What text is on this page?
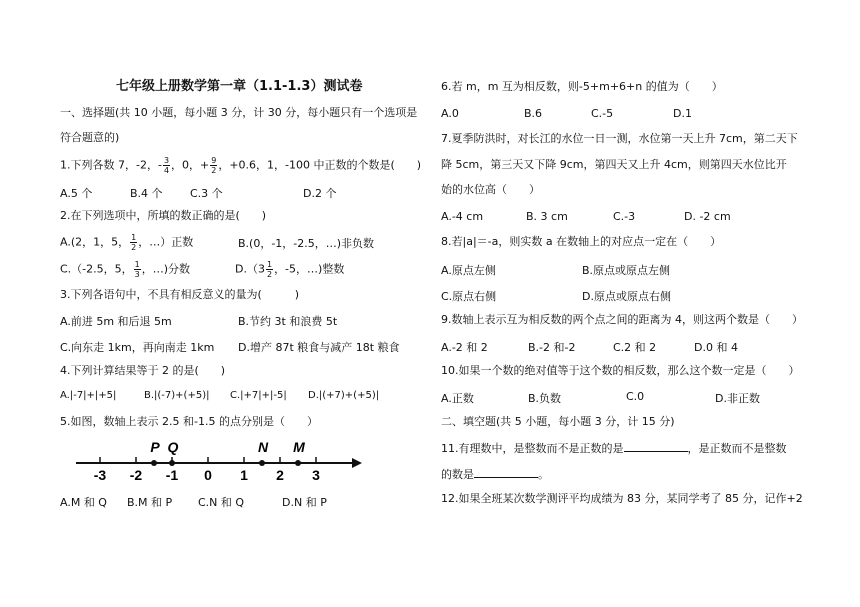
七年级上册数学第一章（1.1-1.3）测试卷
一、选择题(共 10 小题，每小题 3 分，计 30 分，每小题只有一个选项是
符合题意的)
1.下列各数 7，-2，- $\frac{3}{4}$ ，0，+ $\frac{9}{2}$ ，+0.6，1，-100 中正数的个数是(　　)
A.5 个	B.4 个 C.3 个	D.2 个
2.在下列选项中，所填的数正确的是(　　)
A.(2，1，5， $\frac{1}{2}$ ，…）正数	B.(0，-1，-2.5，…)非负数
C.（-2.5，5， $\frac{1}{3}$ ，…)分数	$D.(3 \frac{1}{2}$ ，-5，…)整数
3.下列各语句中，不具有相反意义的量为(　　　)
A.前进 5m 和后退 5m	B.节约 3t 和浪费 5t
C.向东走 1km，再向南走 1km D.增产 87t 粮食与减产 18t 粮食
4.下列计算结果等于 2 的是(　　)
A.|-7|+|+5|	B.|(-7)+(+5)| C.|+7|+|-5| D.|(+7)+(+5)|
5.如图，数轴上表示 2.5 和-1.5 的点分别是（　　）
-3 -2 -1 0 1 2 3
P Q	N M
A.M 和 Q B.M 和 P C.N 和 Q	D.N 和 P
6.若 m，m 互为相反数，则-5+m+6+n 的值为（　　）
A.0	B.6	C.-5	D.1
7.夏季防洪时，对长江的水位一日一测，水位第一天上升 7cm，第二天下
降 5cm，第三天又下降 9cm，第四天又上升 4cm，则第四天水位比开
始的水位高（　　）
A.-4 cm	B. 3 cm	C.-3	D. -2 cm
8.若|a|＝-a，则实数 a 在数轴上的对应点一定在（　　）
A.原点左侧	B.原点或原点左侧
C.原点右侧	D.原点或原点右侧
9.数轴上表示互为相反数的两个点之间的距离为 4，则这两个数是（　　）
A.-2 和 2	B.-2 和-2	C.2 和 2	D.0 和 4
10.如果一个数的绝对值等于这个数的相反数，那么这个数一定是（　　）
A.正数	B.负数	C.0	D.非正数
二、填空题(共 5 小题，每小题 3 分，计 15 分)
11.有理数中，是整数而不是正数的是	，是正数而不是整数
的数是	。
12.如果全班某次数学测评平均成绩为 83 分，某同学考了 85 分，记作+2
